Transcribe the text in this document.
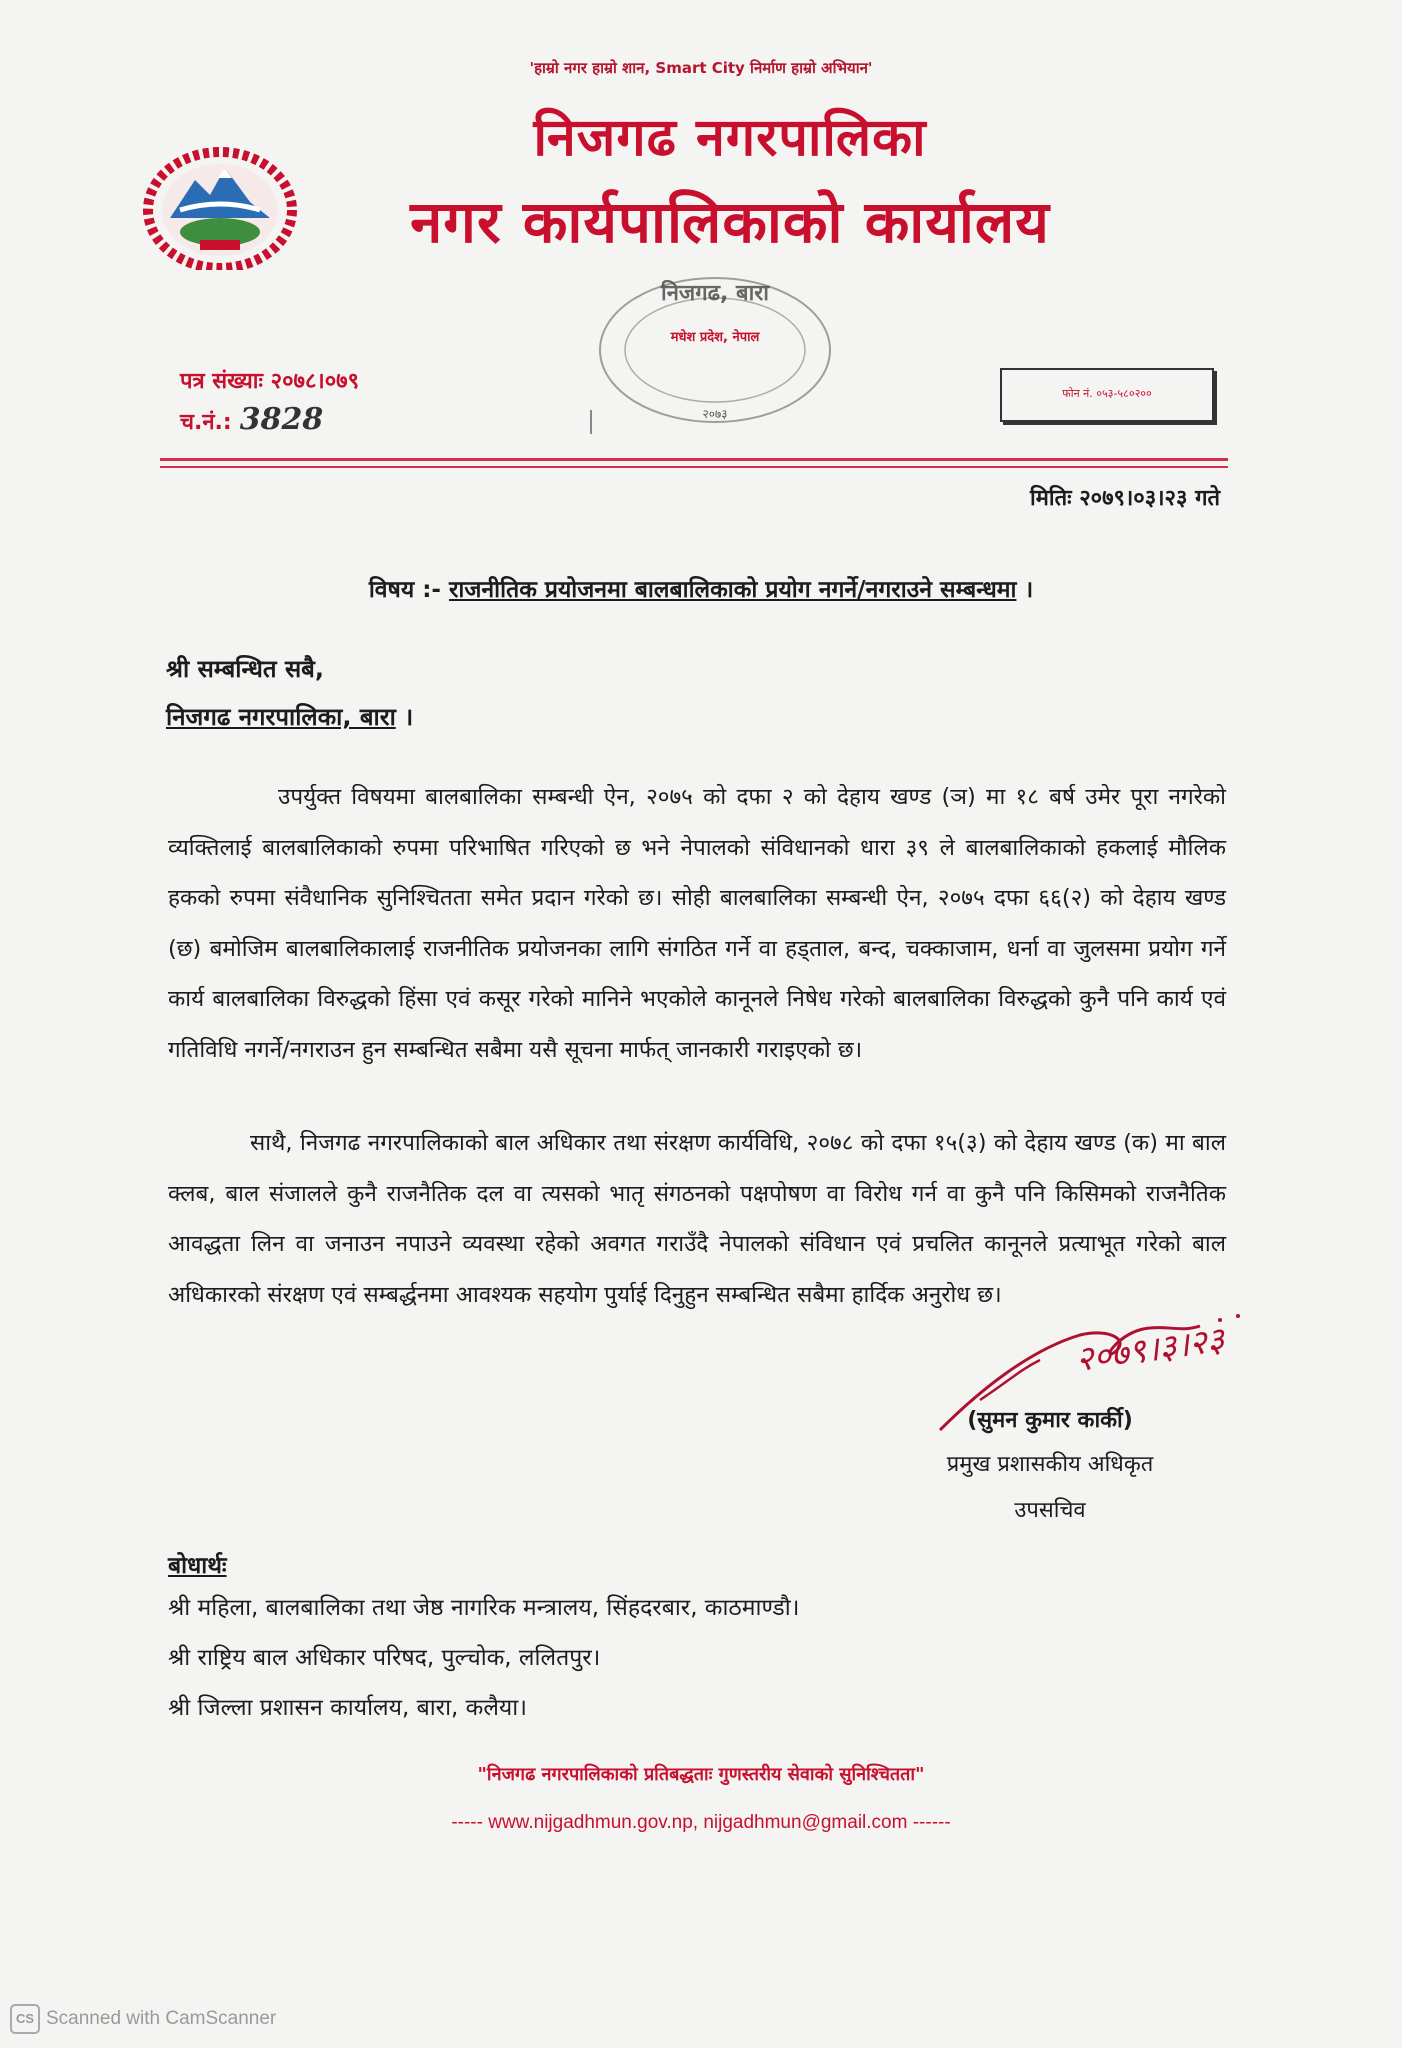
'हाम्रो नगर हाम्रो शान, Smart City निर्माण हाम्रो अभियान'
निजगढ नगरपालिका
नगर कार्यपालिकाको कार्यालय
निजगढ, बारा
मधेश प्रदेश, नेपाल
२०७३
पत्र संख्याः २०७८।०७९
च.नं.: 3828
फोन नं. ०५३-५८०२००
मितिः २०७९।०३।२३ गते
विषय :- राजनीतिक प्रयोजनमा बालबालिकाको प्रयोग नगर्ने/नगराउने सम्बन्धमा ।
श्री सम्बन्धित सबै,
निजगढ नगरपालिका, बारा ।
उपर्युक्त विषयमा बालबालिका सम्बन्धी ऐन, २०७५ को दफा २ को देहाय खण्ड (ञ) मा १८ बर्ष उमेर पूरा नगरेको व्यक्तिलाई बालबालिकाको रुपमा परिभाषित गरिएको छ भने नेपालको संविधानको धारा ३९ ले बालबालिकाको हकलाई मौलिक हकको रुपमा संवैधानिक सुनिश्चितता समेत प्रदान गरेको छ। सोही बालबालिका सम्बन्धी ऐन, २०७५ दफा ६६(२) को देहाय खण्ड (छ) बमोजिम बालबालिकालाई राजनीतिक प्रयोजनका लागि संगठित गर्ने वा हड्ताल, बन्द, चक्काजाम, धर्ना वा जुलसमा प्रयोग गर्ने कार्य बालबालिका विरुद्धको हिंसा एवं कसूर गरेको मानिने भएकोले कानूनले निषेध गरेको बालबालिका विरुद्धको कुनै पनि कार्य एवं गतिविधि नगर्ने/नगराउन हुन सम्बन्धित सबैमा यसै सूचना मार्फत् जानकारी गराइएको छ।
साथै, निजगढ नगरपालिकाको बाल अधिकार तथा संरक्षण कार्यविधि, २०७८ को दफा १५(३) को देहाय खण्ड (क) मा बाल क्लब, बाल संजालले कुनै राजनैतिक दल वा त्यसको भातृ संगठनको पक्षपोषण वा विरोध गर्न वा कुनै पनि किसिमको राजनैतिक आवद्धता लिन वा जनाउन नपाउने व्यवस्था रहेको अवगत गराउँदै नेपालको संविधान एवं प्रचलित कानूनले प्रत्याभूत गरेको बाल अधिकारको संरक्षण एवं सम्बर्द्धनमा आवश्यक सहयोग पुर्याई दिनुहुन सम्बन्धित सबैमा हार्दिक अनुरोध छ।
२०७९।३।२३
(सुमन कुमार कार्की)
प्रमुख प्रशासकीय अधिकृत
उपसचिव
बोधार्थः
श्री महिला, बालबालिका तथा जेष्ठ नागरिक मन्त्रालय, सिंहदरबार, काठमाण्डौ।
श्री राष्ट्रिय बाल अधिकार परिषद, पुल्चोक, ललितपुर।
श्री जिल्ला प्रशासन कार्यालय, बारा, कलैया।
"निजगढ नगरपालिकाको प्रतिबद्धताः गुणस्तरीय सेवाको सुनिश्चितता"
----- www.nijgadhmun.gov.np, nijgadhmun@gmail.com ------
CS Scanned with CamScanner
